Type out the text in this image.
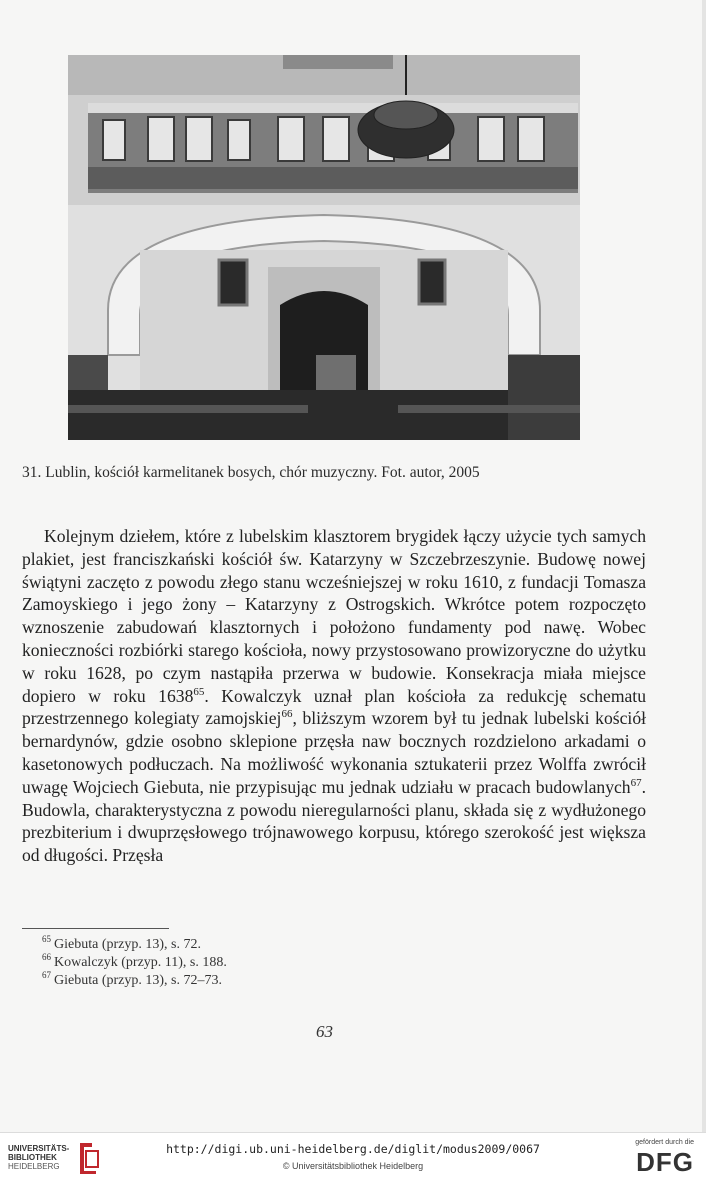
31. Lublin, kościół karmelitanek bosych, chór muzyczny. Fot. autor, 2005

Kolejnym dziełem, które z lubelskim klasztorem brygidek łączy użycie tych samych plakiet, jest franciszkański kościół św. Katarzyny w Szczebrzeszynie. Budowę nowej świątyni zaczęto z powodu złego stanu wcześniejszej w roku 1610, z fundacji Tomasza Zamoyskiego i jego żony – Katarzyny z Ostrogskich. Wkrótce potem rozpoczęto wznoszenie zabudowań klasztornych i położono fundamenty pod nawę. Wobec konieczności rozbiórki starego kościoła, nowy przystosowano prowizoryczne do użytku w roku 1628, po czym nastąpiła przerwa w budowie. Konsekracja miała miejsce dopiero w roku 1638$^{65}$. Kowalczyk uznał plan kościoła za redukcję schematu przestrzennego kolegiaty zamojskiej$^{66}$, bliższym wzorem był tu jednak lubelski kościół bernardynów, gdzie osobno sklepione przęsła naw bocznych rozdzielono arkadami o kasetonowych podłuczach. Na możliwość wykonania sztukaterii przez Wolffa zwrócił uwagę Wojciech Giebuta, nie przypisując mu jednak udziału w pracach budowlanych$^{67}$. Budowla, charakterystyczna z powodu nieregularności planu, składa się z wydłużonego prezbiterium i dwuprzęsłowego trójnawowego korpusu, którego szerokość jest większa od długości. Przęsła

$^{65}$ Giebuta (przyp. 13), s. 72.
$^{66}$ Kowalczyk (przyp. 11), s. 188.
$^{67}$ Giebuta (przyp. 13), s. 72–73.
63
UNIVERSITÄTS-
BIBLIOTHEK
HEIDELBERG
http://digi.ub.uni-heidelberg.de/diglit/modus2009/0067
© Universitätsbibliothek Heidelberg
gefördert durch die
DFG
